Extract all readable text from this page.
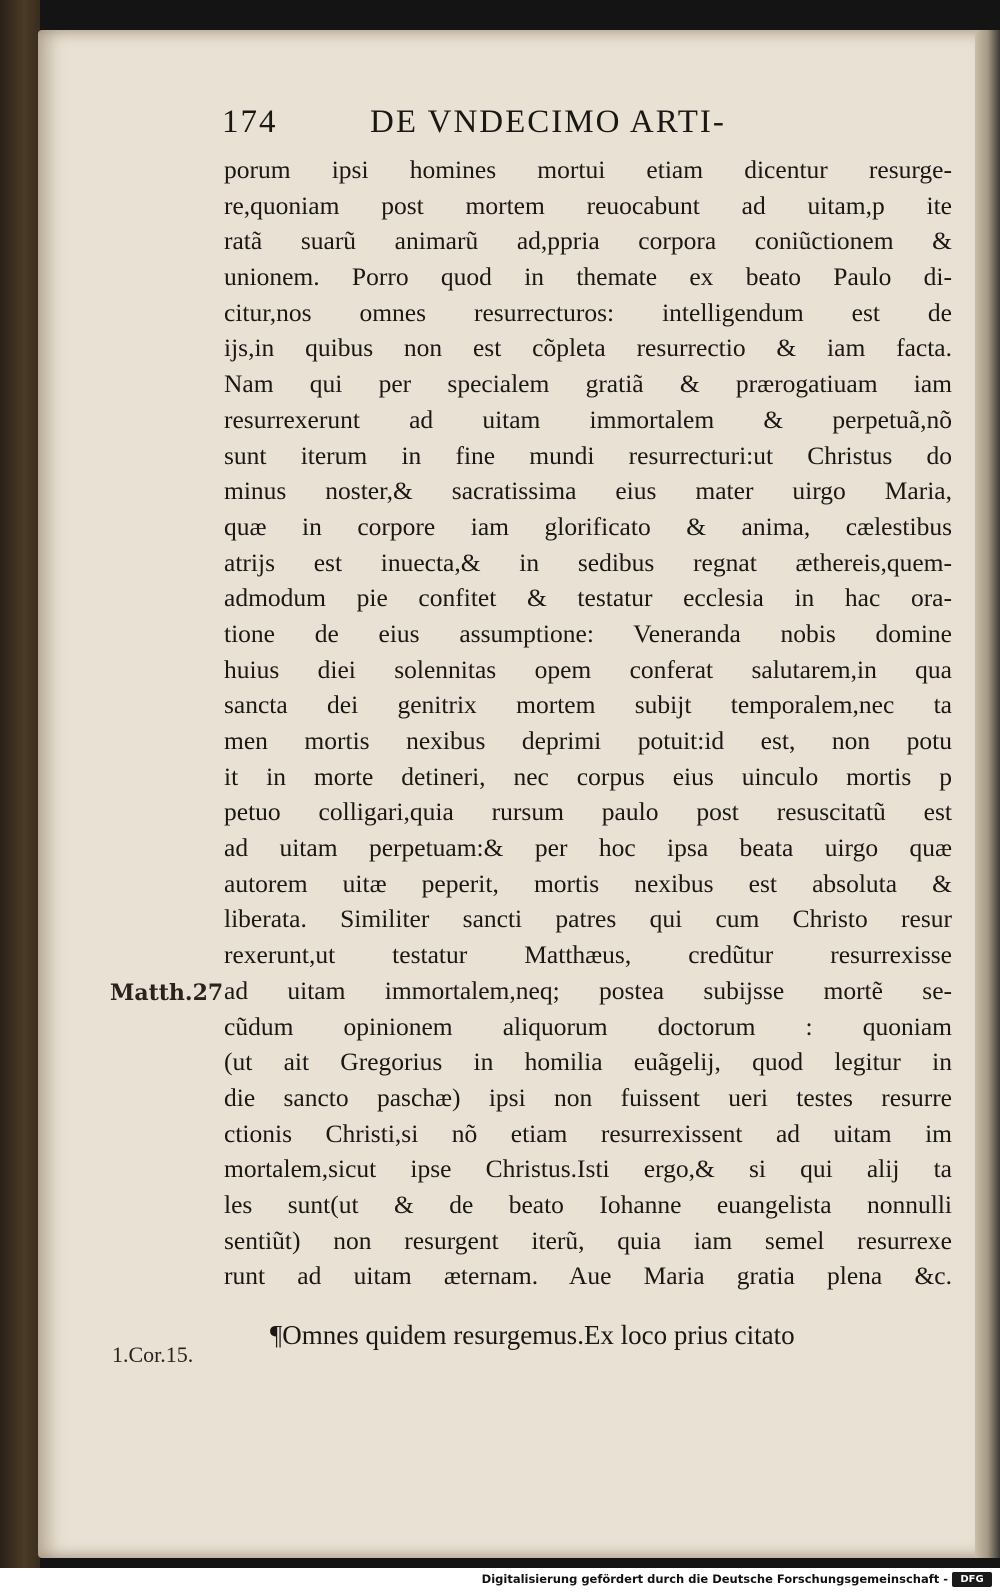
174	DE VNDECIMO ARTI-
porum ipsi homines mortui etiam dicentur resurge-
re,quoniam post mortem reuocabunt ad uitam,p ite
ratã suarũ animarũ ad,ppria corpora coniũctionem &
unionem. Porro quod in themate ex beato Paulo di-
citur,nos omnes resurrecturos: intelligendum est de
ijs,in quibus non est cõpleta resurrectio & iam facta.
Nam qui per specialem gratiã & prærogatiuam iam
resurrexerunt ad uitam immortalem & perpetuã,nõ
sunt iterum in fine mundi resurrecturi:ut Christus do
minus noster,& sacratissima eius mater uirgo Maria,
quæ in corpore iam glorificato & anima, cælestibus
atrijs est inuecta,& in sedibus regnat æthereis,quem-
admodum pie confitet & testatur ecclesia in hac ora-
tione de eius assumptione: Veneranda nobis domine
huius diei solennitas opem conferat salutarem,in qua
sancta dei genitrix mortem subijt temporalem,nec ta
men mortis nexibus deprimi potuit:id est, non potu
it in morte detineri, nec corpus eius uinculo mortis p
petuo colligari,quia rursum paulo post resuscitatũ est
ad uitam perpetuam:& per hoc ipsa beata uirgo quæ
autorem uitæ peperit, mortis nexibus est absoluta &
liberata. Similiter sancti patres qui cum Christo resur
rexerunt,ut testatur Matthæus, credũtur resurrexisse
ad uitam immortalem,neq; postea subijsse mortẽ se-
cũdum opinionem aliquorum doctorum : quoniam
(ut ait Gregorius in homilia euãgelij, quod legitur in
die sancto paschæ) ipsi non fuissent ueri testes resurre
ctionis Christi,si nõ etiam resurrexissent ad uitam im
mortalem,sicut ipse Christus.Isti ergo,& si qui alij ta
les sunt(ut & de beato Iohanne euangelista nonnulli
sentiũt) non resurgent iterũ, quia iam semel resurrexe
runt ad uitam æternam. Aue Maria gratia plena &c.
¶Omnes quidem resurgemus.Ex loco prius citato
Matth.27
1.Cor.15.
Digitalisierung gefördert durch die Deutsche Forschungsgemeinschaft -	DFG
